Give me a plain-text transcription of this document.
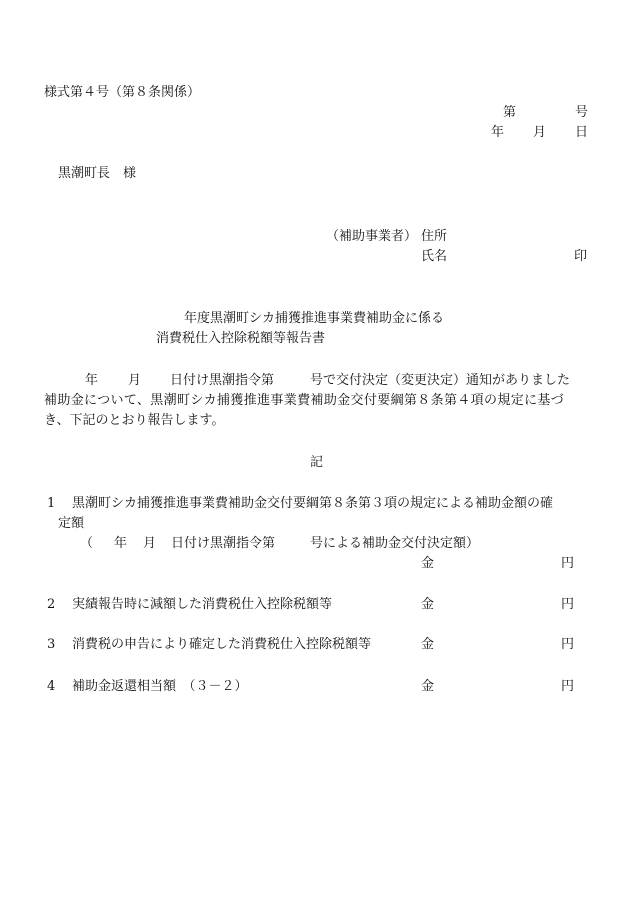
様式第４号（第８条関係）
第	号
年 月 日
黒潮町長　様
（補助事業者） 住所
氏名	印
年度黒潮町シカ捕獲推進事業費補助金に係る
消費税仕入控除税額等報告書
年 月 日付け黒潮指令第	号で交付決定（変更決定）通知がありました
補助金について、黒潮町シカ捕獲推進事業費補助金交付要綱第８条第４項の規定に基づ
き、下記のとおり報告します。
記
1 黒潮町シカ捕獲推進事業費補助金交付要綱第８条第３項の規定による補助金額の確
定額
（ 年 月 日付け黒潮指令第	号による補助金交付決定額）
金	円
2 実績報告時に減額した消費税仕入控除税額等	金	円
3 消費税の申告により確定した消費税仕入控除税額等	金	円
4 補助金返還相当額　（３－２）	金	円
